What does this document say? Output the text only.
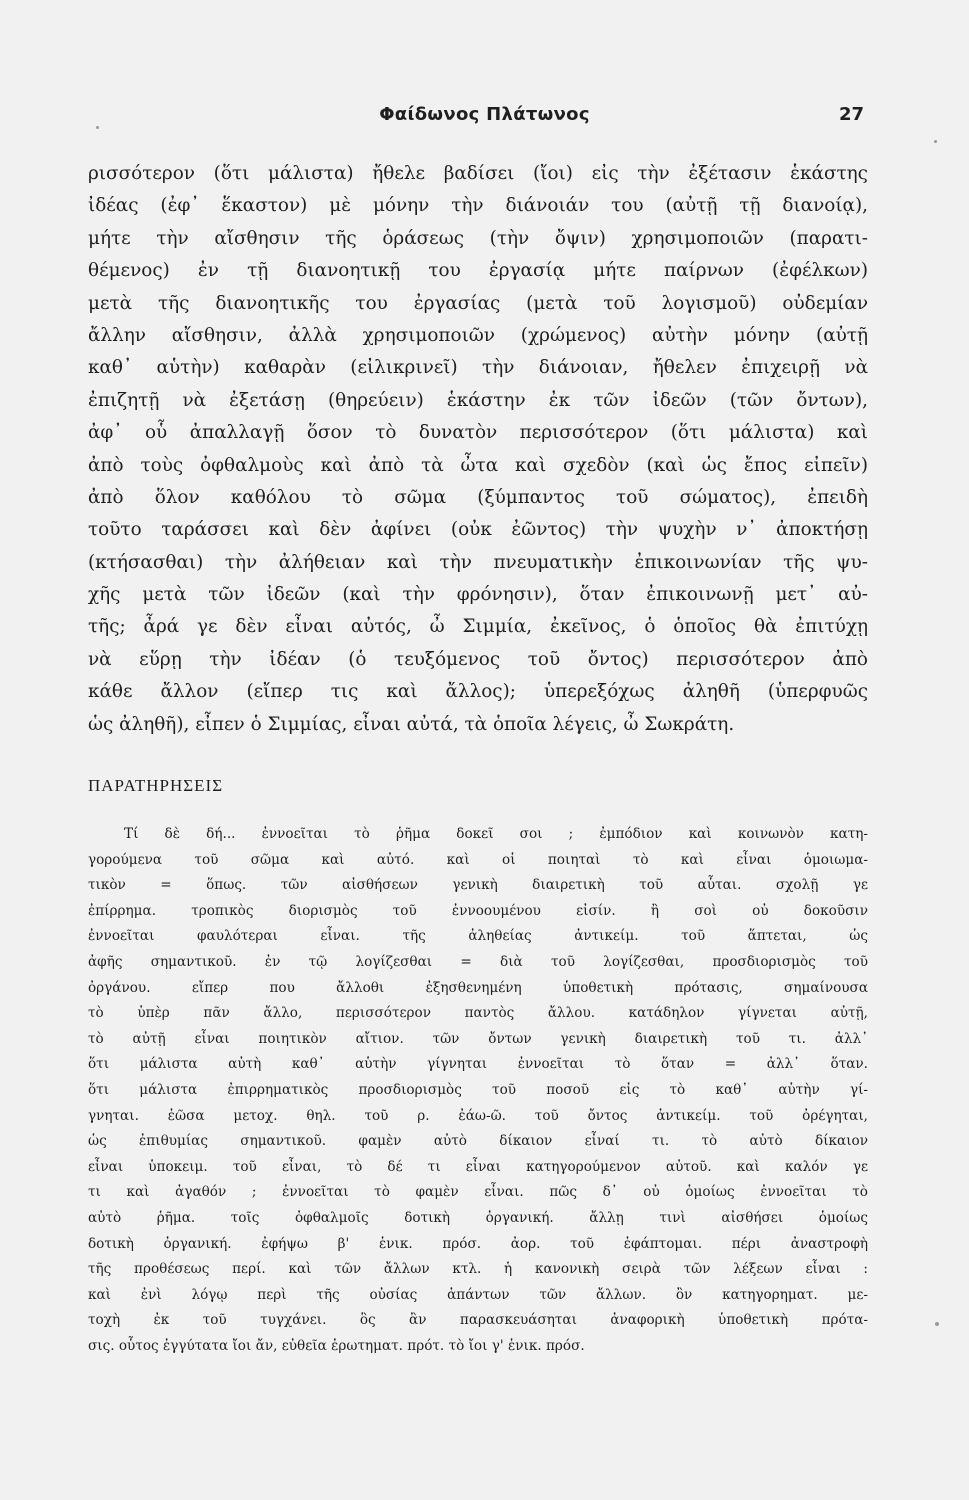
Φαίδωνος Πλάτωνος	27
ρισσότερον (ὅτι μάλιστα) ἤθελε βαδίσει (ἴοι) εἰς τὴν ἐξέτασιν ἑκάστης
ἰδέας (ἐφ᾿ ἕκαστον) μὲ μόνην τὴν διάνοιάν του (αὐτῇ τῇ διανοίᾳ),
μήτε τὴν αἴσθησιν τῆς ὁράσεως (τὴν ὄψιν) χρησιμοποιῶν (παρατι-
θέμενος) ἐν τῇ διανοητικῇ του ἐργασίᾳ μήτε παίρνων (ἐφέλκων)
μετὰ τῆς διανοητικῆς του ἐργασίας (μετὰ τοῦ λογισμοῦ) οὐδεμίαν
ἄλλην αἴσθησιν, ἀλλὰ χρησιμοποιῶν (χρώμενος) αὐτὴν μόνην (αὐτῇ
καθ᾿ αὑτὴν) καθαρὰν (εἰλικρινεῖ) τὴν διάνοιαν, ἤθελεν ἐπιχειρῇ νὰ
ἐπιζητῇ νὰ ἐξετάσῃ (θηρεύειν) ἑκάστην ἐκ τῶν ἰδεῶν (τῶν ὄντων),
ἀφ᾿ οὗ ἀπαλλαγῇ ὅσον τὸ δυνατὸν περισσότερον (ὅτι μάλιστα) καὶ
ἀπὸ τοὺς ὀφθαλμοὺς καὶ ἀπὸ τὰ ὦτα καὶ σχεδὸν (καὶ ὡς ἔπος εἰπεῖν)
ἀπὸ ὅλον καθόλου τὸ σῶμα (ξύμπαντος τοῦ σώματος), ἐπειδὴ
τοῦτο ταράσσει καὶ δὲν ἀφίνει (οὐκ ἐῶντος) τὴν ψυχὴν ν᾿ ἀποκτήσῃ
(κτήσασθαι) τὴν ἀλήθειαν καὶ τὴν πνευματικὴν ἐπικοινωνίαν τῆς ψυ-
χῆς μετὰ τῶν ἰδεῶν (καὶ τὴν φρόνησιν), ὅταν ἐπικοινωνῇ μετ᾿ αὐ-
τῆς; ἆρά γε δὲν εἶναι αὐτός, ὦ Σιμμία, ἐκεῖνος, ὁ ὁποῖος θὰ ἐπιτύχῃ
νὰ εὕρῃ τὴν ἰδέαν (ὁ τευξόμενος τοῦ ὄντος) περισσότερον ἀπὸ
κάθε ἄλλον (εἴπερ τις καὶ ἄλλος); ὑπερεξόχως ἀληθῆ (ὑπερφυῶς
ὡς ἀληθῆ), εἶπεν ὁ Σιμμίας, εἶναι αὐτά, τὰ ὁποῖα λέγεις, ὦ Σωκράτη.
ΠΑΡΑΤΗΡΗΣΕΙΣ
Τί δὲ δή... ἐννοεῖται τὸ ῥῆμα δοκεῖ σοι ; ἐμπόδιον καὶ κοινωνὸν κατη-
γορούμενα τοῦ σῶμα καὶ αὐτό. καὶ οἱ ποιηταὶ τὸ καὶ εἶναι ὁμοιωμα-
τικὸν = ὅπως. τῶν αἰσθήσεων γενικὴ διαιρετικὴ τοῦ αὗται. σχολῇ γε
ἐπίρρημα. τροπικὸς διορισμὸς τοῦ ἐννοουμένου εἰσίν. ἢ σοὶ οὐ δοκοῦσιν
ἐννοεῖται φαυλότεραι εἶναι. τῆς ἀληθείας ἀντικείμ. τοῦ ἅπτεται, ὡς
ἀφῆς σημαντικοῦ. ἐν τῷ λογίζεσθαι = διὰ τοῦ λογίζεσθαι, προσδιορισμὸς τοῦ
ὀργάνου. εἴπερ που ἄλλοθι ἐξησθενημένη ὑποθετικὴ πρότασις, σημαίνουσα
τὸ ὑπὲρ πᾶν ἄλλο, περισσότερον παντὸς ἄλλου. κατάδηλον γίγνεται αὐτῇ,
τὸ αὐτῇ εἶναι ποιητικὸν αἴτιον. τῶν ὄντων γενικὴ διαιρετικὴ τοῦ τι. ἀλλ᾿
ὅτι μάλιστα αὐτὴ καθ᾿ αὑτὴν γίγνηται ἐννοεῖται τὸ ὅταν = ἀλλ᾿ ὅταν.
ὅτι μάλιστα ἐπιρρηματικὸς προσδιορισμὸς τοῦ ποσοῦ εἰς τὸ καθ᾿ αὑτὴν γί-
γνηται. ἐῶσα μετοχ. θηλ. τοῦ ρ. ἐάω-ῶ. τοῦ ὄντος ἀντικείμ. τοῦ ὀρέγηται,
ὡς ἐπιθυμίας σημαντικοῦ. φαμὲν αὐτὸ δίκαιον εἶναί τι. τὸ αὐτὸ δίκαιον
εἶναι ὑποκειμ. τοῦ εἶναι, τὸ δέ τι εἶναι κατηγορούμενον αὐτοῦ. καὶ καλόν γε
τι καὶ ἀγαθόν ; ἐννοεῖται τὸ φαμὲν εἶναι. πῶς δ᾿ οὐ ὁμοίως ἐννοεῖται τὸ
αὐτὸ ῥῆμα. τοῖς ὀφθαλμοῖς δοτικὴ ὀργανική. ἄλλῃ τινὶ αἰσθήσει ὁμοίως
δοτικὴ ὀργανική. ἐφήψω β' ἑνικ. πρόσ. ἀορ. τοῦ ἐφάπτομαι. πέρι ἀναστροφὴ
τῆς προθέσεως περί. καὶ τῶν ἄλλων κτλ. ἡ κανονικὴ σειρὰ τῶν λέξεων εἶναι :
καὶ ἐνὶ λόγῳ περὶ τῆς οὐσίας ἁπάντων τῶν ἄλλων. ὂν κατηγορηματ. με-
τοχὴ ἐκ τοῦ τυγχάνει. ὃς ἂν παρασκευάσηται ἀναφορικὴ ὑποθετικὴ πρότα-
σις. οὗτος ἐγγύτατα ἴοι ἄν, εὐθεῖα ἐρωτηματ. πρότ. τὸ ἴοι γ' ἑνικ. πρόσ.
